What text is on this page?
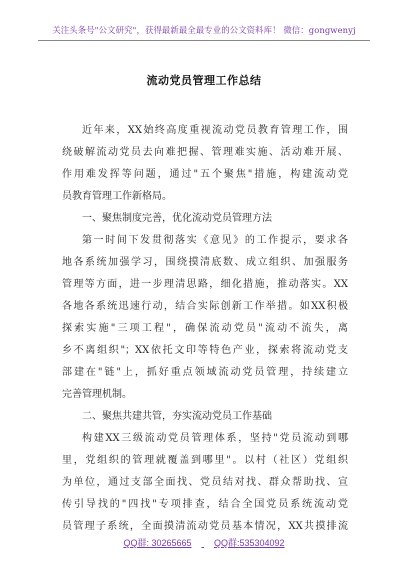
关注头条号"公文研究"，获得最新最全最专业的公文资料库！ 微信：gongwenyj
流动党员管理工作总结
近年来，XX始终高度重视流动党员教育管理工作，围
绕破解流动党员去向难把握、管理难实施、活动难开展、
作用难发挥等问题，通过"五个聚焦"措施，构建流动党
员教育管理工作新格局。
一、聚焦制度完善，优化流动党员管理方法
第一时间下发贯彻落实《意见》的工作提示，要求各
地各系统加强学习，围绕摸清底数、成立组织、加强服务
管理等方面，进一步理清思路，细化措施，推动落实。XX
各地各系统迅速行动，结合实际创新工作举措。如XX积极
探索实施"三项工程"，确保流动党员"流动不流失，离
乡不离组织"；XX依托文印等特色产业，探索将流动党支
部建在"链"上，抓好重点领域流动党员管理，持续建立
完善管理机制。
二、聚焦共建共管，夯实流动党员工作基础
构建XX三级流动党员管理体系，坚持"党员流动到哪
里，党组织的管理就覆盖到哪里"。以村（社区）党组织
为单位，通过支部全面找、党员结对找、群众帮助找、宣
传引导找的"四找"专项排查，结合全国党员系统流动党
员管理子系统，全面摸清流动党员基本情况，XX共摸排流
QQ群: 30265665	QQ群:535304092
